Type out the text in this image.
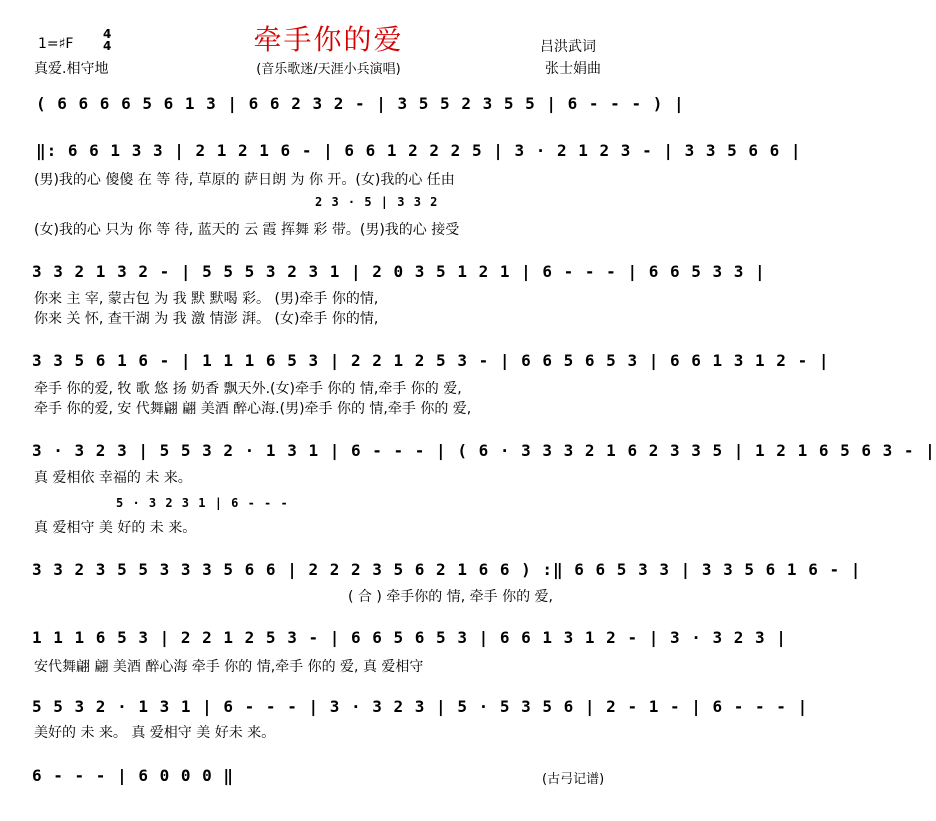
牵手你的爱
(音乐歌迷/天涯小兵演唱)
1=♯F
4
4
真爱.相守地
吕洪武词
张士娟曲
( 6 6 6 6 5 6 1 3 | 6 6 2 3 2 - | 3 5 5 2 3 5 5 | 6 - - - ) |
‖: 6 6 1 3 3 | 2 1 2 1 6 - | 6 6 1 2 2 2 5 | 3 · 2 1 2 3 - | 3 3 5 6 6 |
(男)我的心 傻傻 在 等 待, 草原的 萨日朗 为 你 开。(女)我的心 任由
2 3 · 5 | 3 3 2
(女)我的心 只为 你 等 待, 蓝天的 云 霞 挥舞 彩 带。(男)我的心 接受
3 3 2 1 3 2 - | 5 5 5 3 2 3 1 | 2 0 3 5 1 2 1 | 6 - - - | 6 6 5 3 3 |
你来 主 宰, 蒙古包 为 我 默 默喝 彩。 (男)牵手 你的情,
你来 关 怀, 查干湖 为 我 激 情澎 湃。 (女)牵手 你的情,
3 3 5 6 1 6 - | 1 1 1 6 5 3 | 2 2 1 2 5 3 - | 6 6 5 6 5 3 | 6 6 1 3 1 2 - |
牵手 你的爱, 牧 歌 悠 扬 奶香 飘天外.(女)牵手 你的 情,牵手 你的 爱,
牵手 你的爱, 安 代舞翩 翩 美酒 醉心海.(男)牵手 你的 情,牵手 你的 爱,
3 · 3 2 3 | 5 5 3 2 · 1 3 1 | 6 - - - | ( 6 · 3 3 3 2 1 6 2 3 3 5 | 1 2 1 6 5 6 3 - |
真 爱相依 幸福的 未 来。
5 · 3 2 3 1 | 6 - - -
真 爱相守 美 好的 未 来。
3 3 2 3 5 5 3 3 3 5 6 6 | 2 2 2 3 5 6 2 1 6 6 ) :‖ 6 6 5 3 3 | 3 3 5 6 1 6 - |
( 合 ) 牵手你的 情, 牵手 你的 爱,
1 1 1 6 5 3 | 2 2 1 2 5 3 - | 6 6 5 6 5 3 | 6 6 1 3 1 2 - | 3 · 3 2 3 |
安代舞翩 翩 美酒 醉心海 牵手 你的 情,牵手 你的 爱, 真 爱相守
5 5 3 2 · 1 3 1 | 6 - - - | 3 · 3 2 3 | 5 · 5 3 5 6 | 2 - 1 - | 6 - - - |
美好的 未 来。 真 爱相守 美 好未 来。
6 - - - | 6 0 0 0 ‖	(古弓记谱)
